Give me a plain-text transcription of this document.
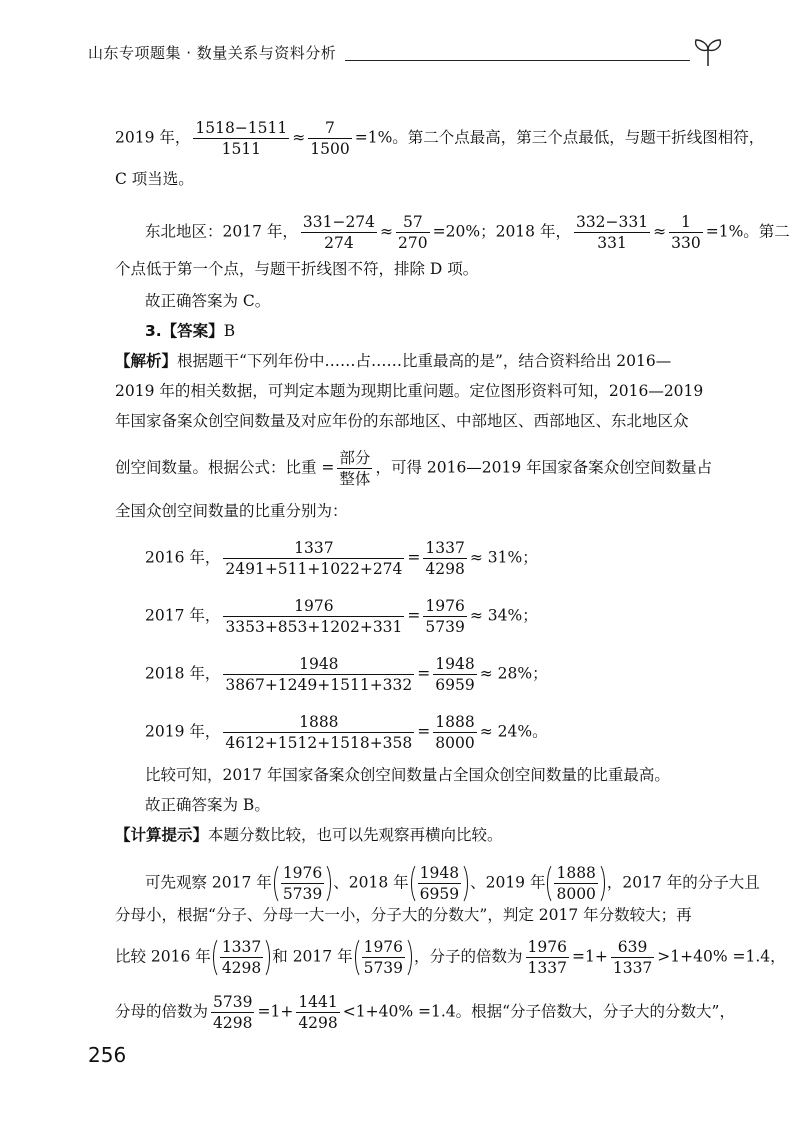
山东专项题集 · 数量关系与资料分析
2019 年， $\frac{1518-1511}{1511} \approx \frac{7}{1500} =1\%$。第二个点最高，第三个点最低，与题干折线图相符，
C 项当选。
东北地区：2017 年， $\frac{331-274}{274} \approx \frac{57}{270} =20\%$；2018 年， $\frac{332-331}{331} \approx \frac{1}{330} =1\%$。第二
个点低于第一个点，与题干折线图不符，排除 D 项。
故正确答案为 C。
3.【答案】B
【解析】根据题干“下列年份中……占……比重最高的是”，结合资料给出 2016—
2019 年的相关数据，可判定本题为现期比重问题。定位图形资料可知，2016—2019
年国家备案众创空间数量及对应年份的东部地区、中部地区、西部地区、东北地区众
创空间数量。根据公式：比重 = $\frac{\text{部分}}{\text{整体}}$ ，可得 2016—2019 年国家备案众创空间数量占
全国众创空间数量的比重分别为：
2016 年， $\frac{1337}{2491+511+1022+274} = \frac{1337}{4298} \approx 31\%$；
2017 年， $\frac{1976}{3353+853+1202+331} = \frac{1976}{5739} \approx 34\%$；
2018 年， $\frac{1948}{3867+1249+1511+332} = \frac{1948}{6959} \approx 28\%$；
2019 年， $\frac{1888}{4612+1512+1518+358} = \frac{1888}{8000} \approx 24\%$。
比较可知，2017 年国家备案众创空间数量占全国众创空间数量的比重最高。
故正确答案为 B。
【计算提示】本题分数比较，也可以先观察再横向比较。
可先观察 2017 年 $\frac{1976}{5739}$ 、2018 年 $\frac{1948}{6959}$ 、2019 年 $\frac{1888}{8000}$ ，2017 年的分子大且
分母小，根据“分子、分母一大一小，分子大的分数大”，判定 2017 年分数较大；再
比较 2016 年 $\frac{1337}{4298}$ 和 2017 年 $\frac{1976}{5739}$ ，分子的倍数为 $\frac{1976}{1337} =1+ \frac{639}{1337} >1+40\% =1.4$，
分母的倍数为 $\frac{5739}{4298} =1+ \frac{1441}{4298} <1+40\% =1.4$。根据“分子倍数大，分子大的分数大”，
256
